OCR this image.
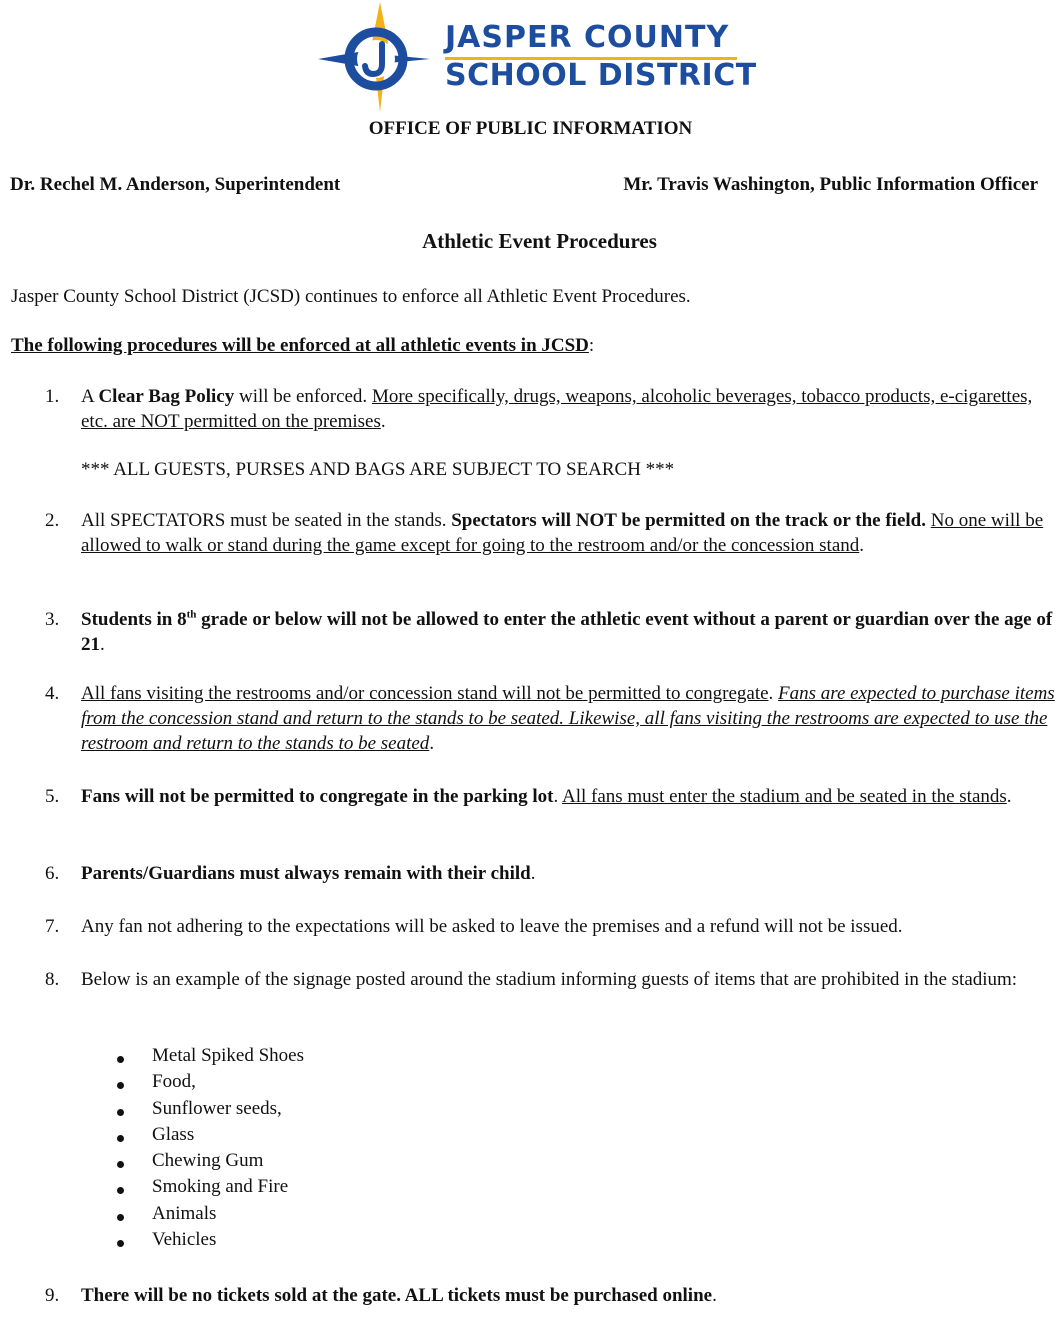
JASPER COUNTY
SCHOOL DISTRICT
OFFICE OF PUBLIC INFORMATION
Dr. Rechel M. Anderson, Superintendent	Mr. Travis Washington, Public Information Officer
Athletic Event Procedures
Jasper County School District (JCSD) continues to enforce all Athletic Event Procedures.
The following procedures will be enforced at all athletic events in JCSD:
1. A Clear Bag Policy will be enforced. More specifically, drugs, weapons, alcoholic beverages, tobacco products, e-cigarettes, etc. are NOT permitted on the premises.
*** ALL GUESTS, PURSES AND BAGS ARE SUBJECT TO SEARCH ***
2. All SPECTATORS must be seated in the stands. Spectators will NOT be permitted on the track or the field. No one will be allowed to walk or stand during the game except for going to the restroom and/or the concession stand.
3. Students in 8th grade or below will not be allowed to enter the athletic event without a parent or guardian over the age of 21.
4. All fans visiting the restrooms and/or concession stand will not be permitted to congregate. Fans are expected to purchase items from the concession stand and return to the stands to be seated. Likewise, all fans visiting the restrooms are expected to use the restroom and return to the stands to be seated.
5. Fans will not be permitted to congregate in the parking lot. All fans must enter the stadium and be seated in the stands.
6. Parents/Guardians must always remain with their child.
7. Any fan not adhering to the expectations will be asked to leave the premises and a refund will not be issued.
8. Below is an example of the signage posted around the stadium informing guests of items that are prohibited in the stadium:
Metal Spiked Shoes
Food,
Sunflower seeds,
Glass
Chewing Gum
Smoking and Fire
Animals
Vehicles
9. There will be no tickets sold at the gate. ALL tickets must be purchased online.
